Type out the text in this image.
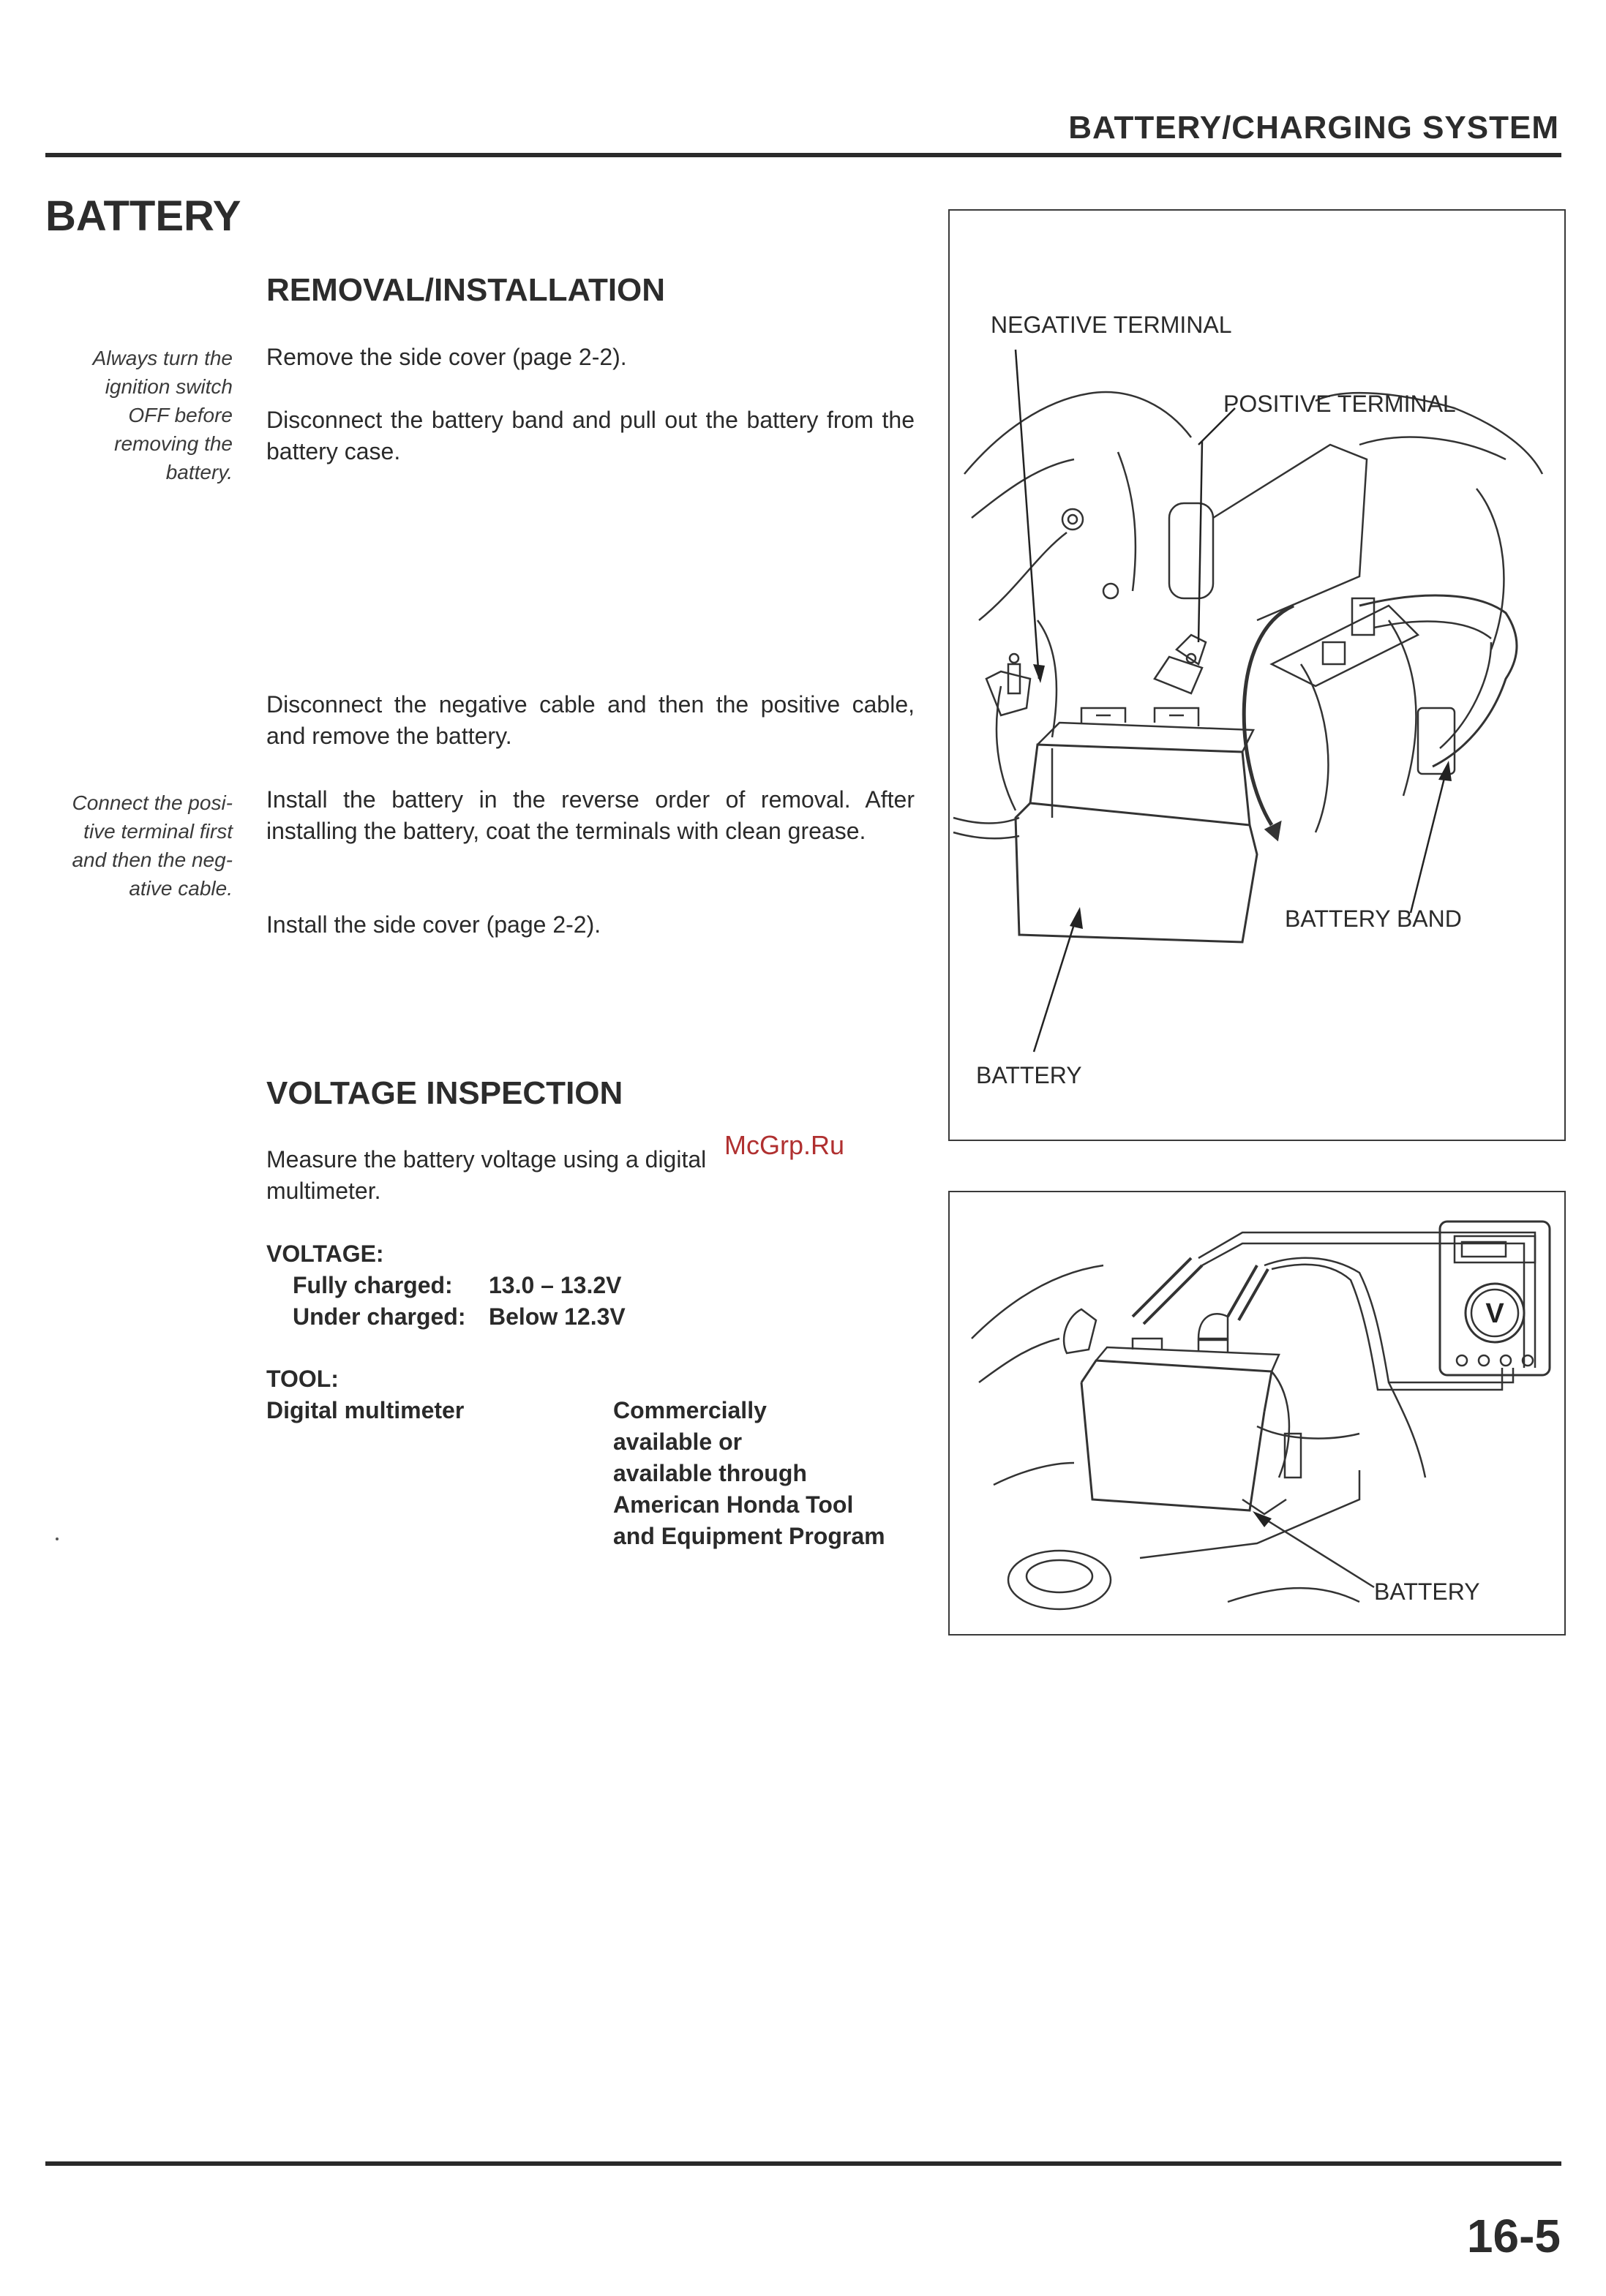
BATTERY/CHARGING SYSTEM
BATTERY
REMOVAL/INSTALLATION
Always turn the
ignition switch
OFF before
removing the
battery.
Remove the side cover (page 2-2).
Disconnect the battery band and pull out the battery from the battery case.
Disconnect the negative cable and then the positive cable, and remove the battery.
Connect the posi-
tive terminal first
and then the neg-
ative cable.
Install the battery in the reverse order of removal. After installing the battery, coat the terminals with clean grease.
Install the side cover (page 2-2).
VOLTAGE INSPECTION
Measure the battery voltage using a digital multimeter.
VOLTAGE:
Fully charged: 13.0 – 13.2V
Under charged: Below 12.3V
TOOL:
Digital multimeter	Commercially
available or
available through
American Honda Tool
and Equipment Program
NEGATIVE TERMINAL
POSITIVE TERMINAL
BATTERY BAND
BATTERY
V
BATTERY
McGrp.Ru
16-5
